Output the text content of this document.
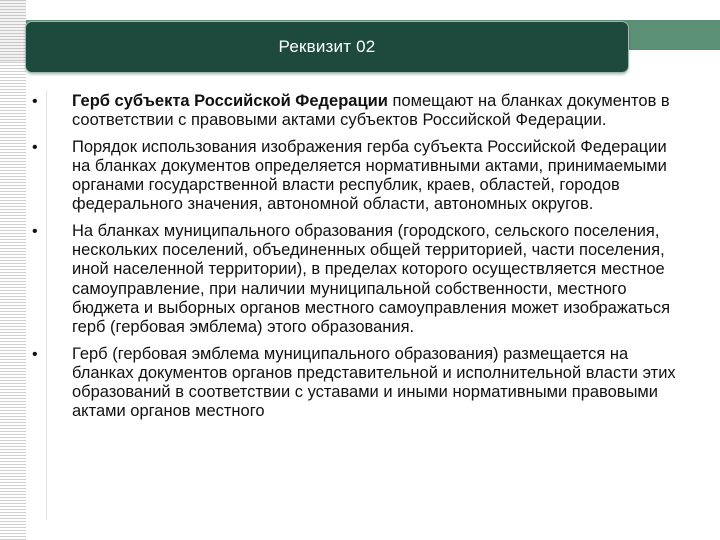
Реквизит 02
•	Герб субъекта Российской Федерации помещают на бланках документов в соответствии с правовыми актами субъектов Российской Федерации.
•	Порядок использования изображения герба субъекта Российской Федерации на бланках документов определяется нормативными актами, принимаемыми органами государственной власти республик, краев, областей, городов федерального значения, автономной области, автономных округов.
•	На бланках муниципального образования (городского, сельского поселения, нескольких поселений, объединенных общей территорией, части поселения, иной населенной территории), в пределах которого осуществляется местное самоуправление, при наличии муниципальной собственности, местного бюджета и выборных органов местного самоуправления может изображаться герб (гербовая эмблема) этого образования.
•	Герб (гербовая эмблема муниципального образования) размещается на бланках документов органов представительной и исполнительной власти этих образований в соответствии с уставами и иными нормативными правовыми актами органов местного
